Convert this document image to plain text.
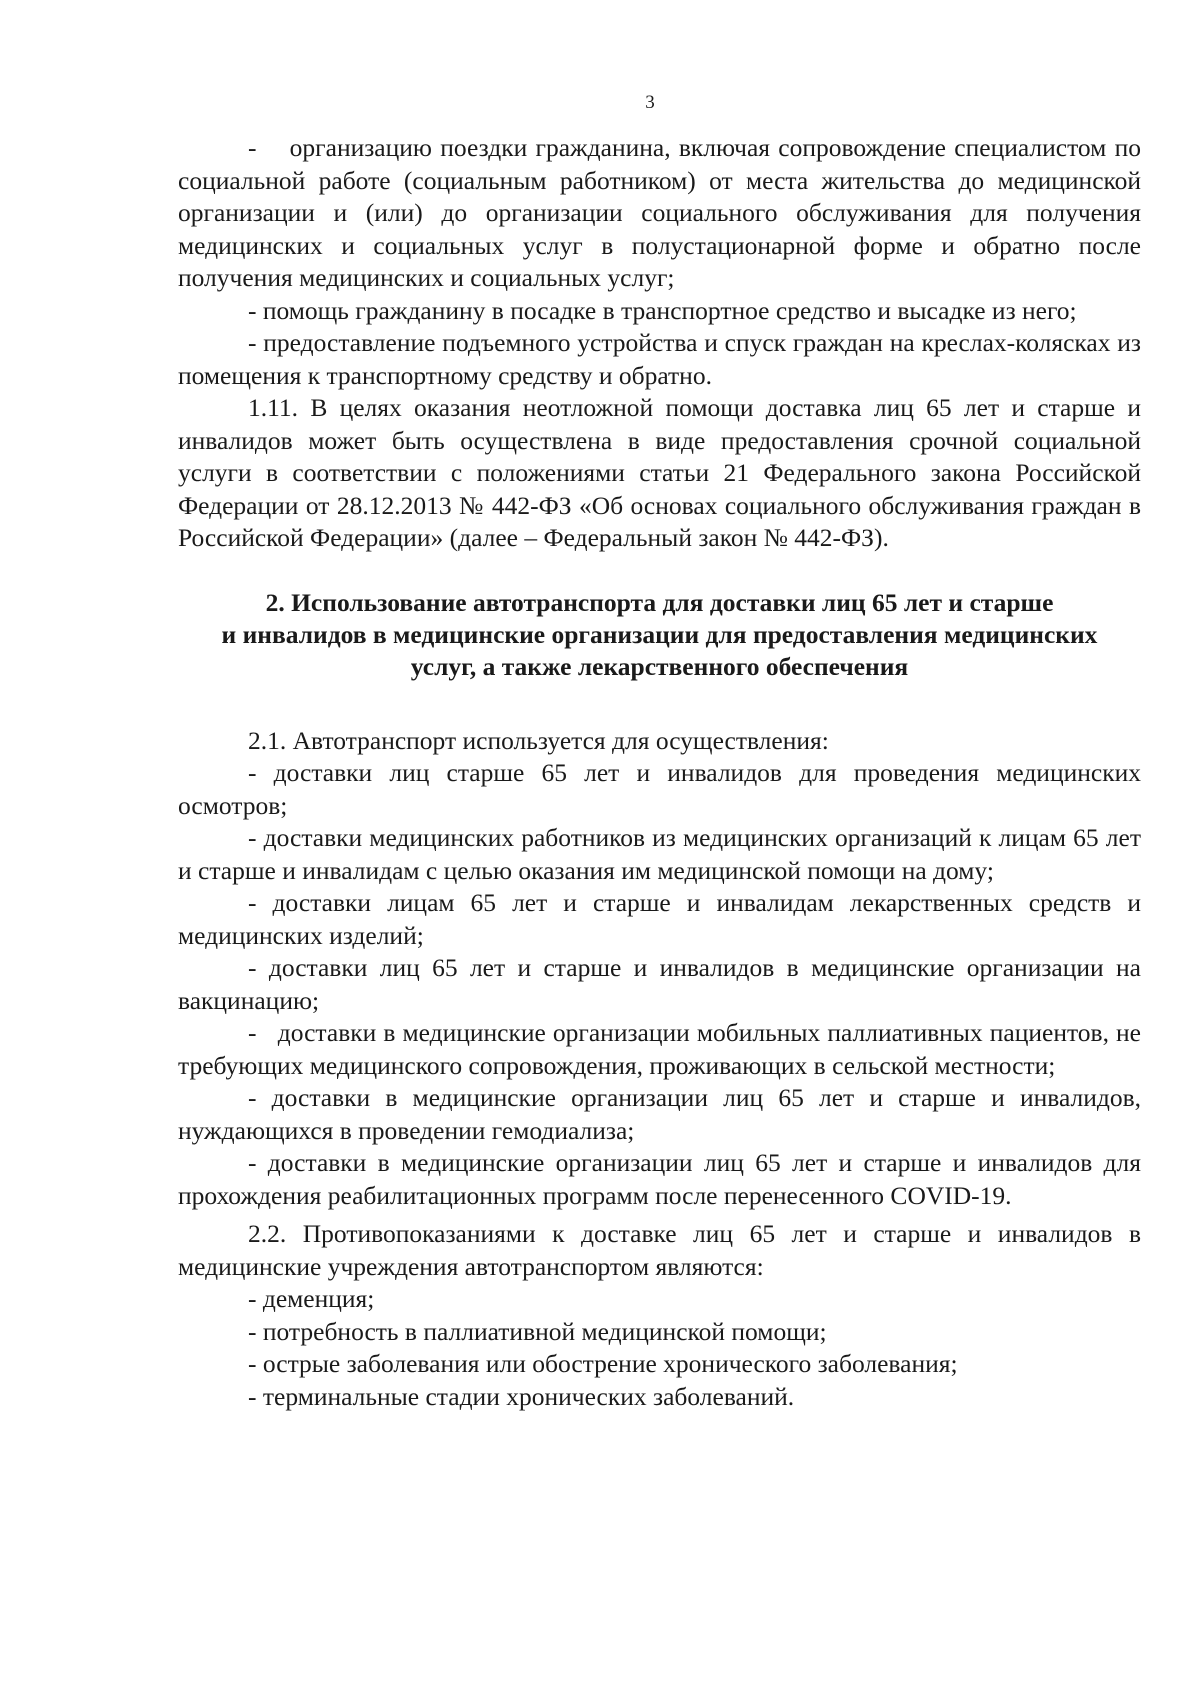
3

-    организацию поездки гражданина, включая сопровождение специалистом по социальной работе (социальным работником) от места жительства до медицинской организации и (или) до организации социального обслуживания для получения медицинских и социальных услуг в полустационарной форме и обратно после получения медицинских и социальных услуг;

- помощь гражданину в посадке в транспортное средство и высадке из него;

- предоставление подъемного устройства и спуск граждан на креслах-колясках из помещения к транспортному средству и обратно.

1.11. В целях оказания неотложной помощи доставка лиц 65 лет и старше и инвалидов может быть осуществлена в виде предоставления срочной социальной услуги в соответствии с положениями статьи 21 Федерального закона Российской Федерации от 28.12.2013 № 442-ФЗ «Об основах социального обслуживания граждан в Российской Федерации» (далее – Федеральный закон № 442-ФЗ).

2. Использование автотранспорта для доставки лиц 65 лет и старше
и инвалидов в медицинские организации для предоставления медицинских
услуг, а также лекарственного обеспечения

2.1. Автотранспорт используется для осуществления:

- доставки лиц старше 65 лет и инвалидов для проведения медицинских осмотров;

- доставки медицинских работников из медицинских организаций к лицам 65 лет и старше и инвалидам с целью оказания им медицинской помощи на дому;

- доставки лицам 65 лет и старше и инвалидам лекарственных средств и медицинских изделий;

- доставки лиц 65 лет и старше и инвалидов в медицинские организации на вакцинацию;

-   доставки в медицинские организации мобильных паллиативных пациентов, не требующих медицинского сопровождения, проживающих в сельской местности;

- доставки в медицинские организации лиц 65 лет и старше и инвалидов, нуждающихся в проведении гемодиализа;

- доставки в медицинские организации лиц 65 лет и старше и инвалидов для прохождения реабилитационных программ после перенесенного COVID-19.

2.2. Противопоказаниями к доставке лиц 65 лет и старше и инвалидов в медицинские учреждения автотранспортом являются:

- деменция;

- потребность в паллиативной медицинской помощи;

- острые заболевания или обострение хронического заболевания;

- терминальные стадии хронических заболеваний.
